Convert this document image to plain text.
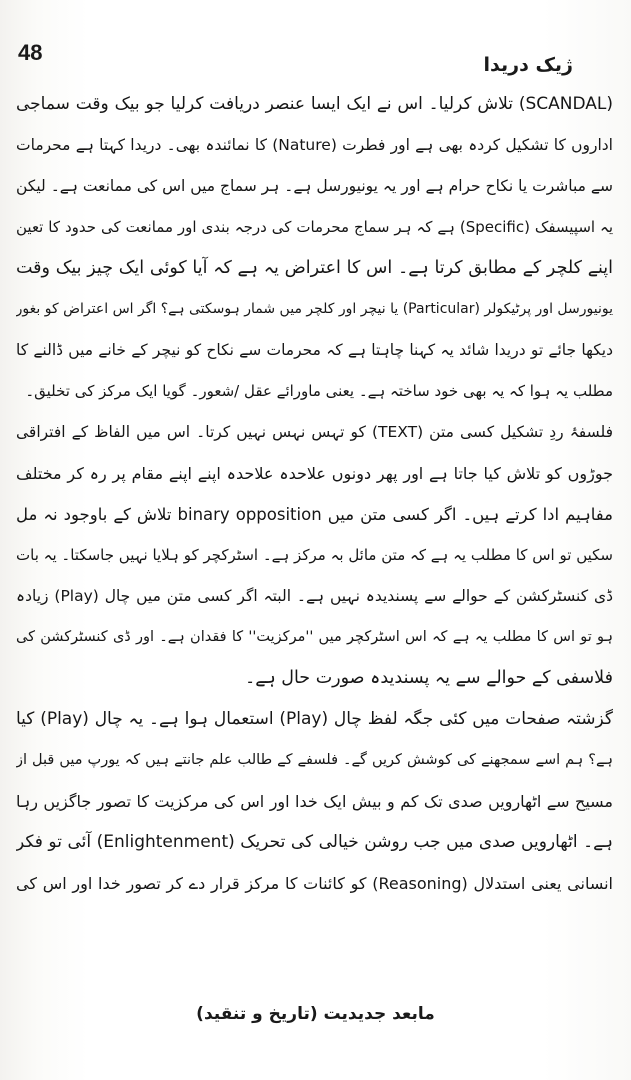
48	ژیک دریدا
(SCANDAL) تلاش کرلیا۔ اس نے ایک ایسا عنصر دریافت کرلیا جو بیک وقت سماجی
اداروں کا تشکیل کردہ بھی ہے اور فطرت (Nature) کا نمائندہ بھی۔ دریدا کہتا ہے محرمات
سے مباشرت یا نکاح حرام ہے اور یہ یونیورسل ہے۔ ہر سماج میں اس کی ممانعت ہے۔ لیکن
یہ اسپیسفک (Specific) ہے کہ ہر سماج محرمات کی درجہ بندی اور ممانعت کی حدود کا تعین
اپنے کلچر کے مطابق کرتا ہے۔ اس کا اعتراض یہ ہے کہ آیا کوئی ایک چیز بیک وقت
یونیورسل اور پرٹیکولر (Particular) یا نیچر اور کلچر میں شمار ہوسکتی ہے؟ اگر اس اعتراض کو بغور
دیکھا جائے تو دریدا شائد یہ کہنا چاہتا ہے کہ محرمات سے نکاح کو نیچر کے خانے میں ڈالنے کا
مطلب یہ ہوا کہ یہ بھی خود ساختہ ہے۔ یعنی ماورائے عقل /شعور۔ گویا ایک مرکز کی تخلیق۔
فلسفۂ ردِ تشکیل کسی متن (TEXT) کو تہس نہس نہیں کرتا۔ اس میں الفاظ کے افتراقی
جوڑوں کو تلاش کیا جاتا ہے اور پھر دونوں علاحدہ علاحدہ اپنے اپنے مقام پر رہ کر مختلف
مفاہیم ادا کرتے ہیں۔ اگر کسی متن میں binary opposition تلاش کے باوجود نہ مل
سکیں تو اس کا مطلب یہ ہے کہ متن مائل بہ مرکز ہے۔ اسٹرکچر کو ہلایا نہیں جاسکتا۔ یہ بات
ڈی کنسٹرکشن کے حوالے سے پسندیدہ نہیں ہے۔ البتہ اگر کسی متن میں چال (Play) زیادہ
ہو تو اس کا مطلب یہ ہے کہ اس اسٹرکچر میں ''مرکزیت'' کا فقدان ہے۔ اور ڈی کنسٹرکشن کی
فلاسفی کے حوالے سے یہ پسندیدہ صورت حال ہے۔
گزشتہ صفحات میں کئی جگہ لفظ چال (Play) استعمال ہوا ہے۔ یہ چال (Play) کیا
ہے؟ ہم اسے سمجھنے کی کوشش کریں گے۔ فلسفے کے طالب علم جانتے ہیں کہ یورپ میں قبل از
مسیح سے اٹھارویں صدی تک کم و بیش ایک خدا اور اس کی مرکزیت کا تصور جاگزیں رہا
ہے۔ اٹھارویں صدی میں جب روشن خیالی کی تحریک (Enlightenment) آئی تو فکر
انسانی یعنی استدلال (Reasoning) کو کائنات کا مرکز قرار دے کر تصور خدا اور اس کی
مابعد جدیدیت (تاریخ و تنقید)
